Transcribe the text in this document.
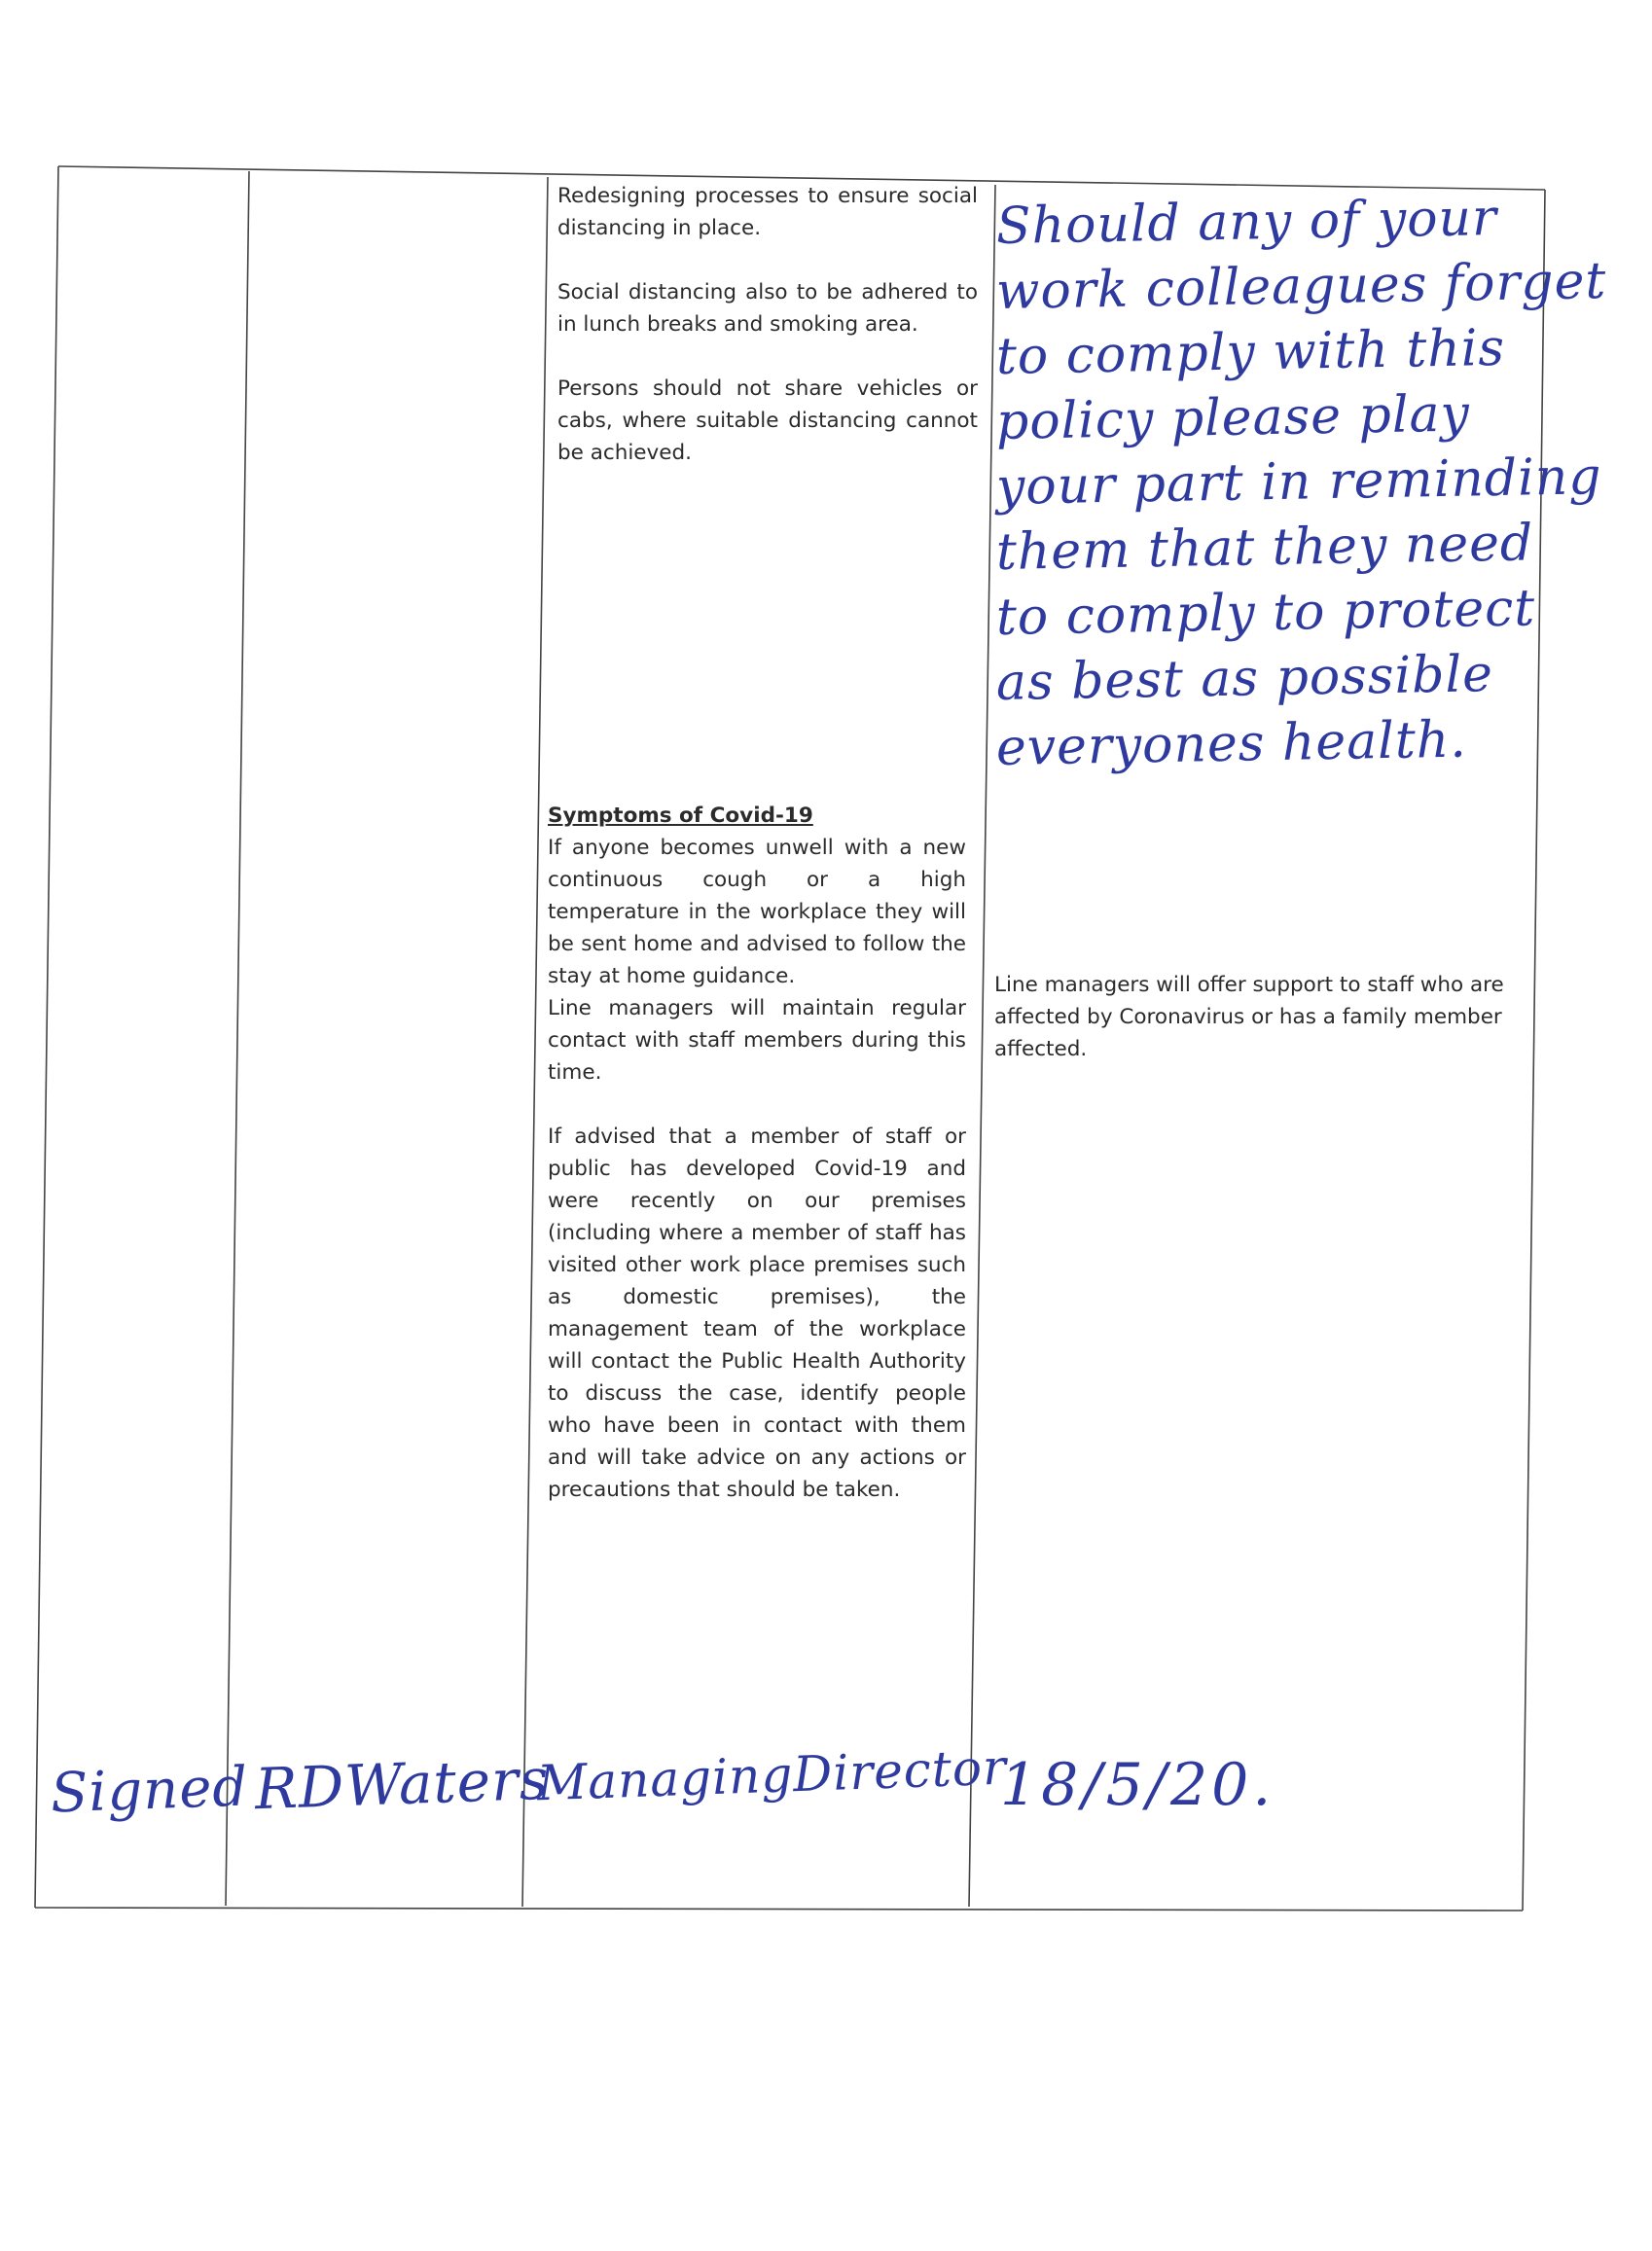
Redesigning processes to ensure social distancing in place.

Social distancing also to be adhered to in lunch breaks and smoking area.

Persons should not share vehicles or cabs, where suitable distancing cannot be achieved.

Should any of your
work colleagues forget
to comply with this
policy please play
your part in reminding
them that they need
to comply to protect
as best as possible
everyones health.
Symptoms of Covid-19

If anyone becomes unwell with a new continuous cough or a high temperature in the workplace they will be sent home and advised to follow the stay at home guidance.

Line managers will maintain regular contact with staff members during this time.

If advised that a member of staff or public has developed Covid-19 and were recently on our premises (including where a member of staff has visited other work place premises such as domestic premises), the management team of the workplace will contact the Public Health Authority to discuss the case, identify people who have been in contact with them and will take advice on any actions or precautions that should be taken.

Line managers will offer support to staff who are affected by Coronavirus or has a family member affected.

Signed RDWaters
ManagingDirector
18/5/20.
